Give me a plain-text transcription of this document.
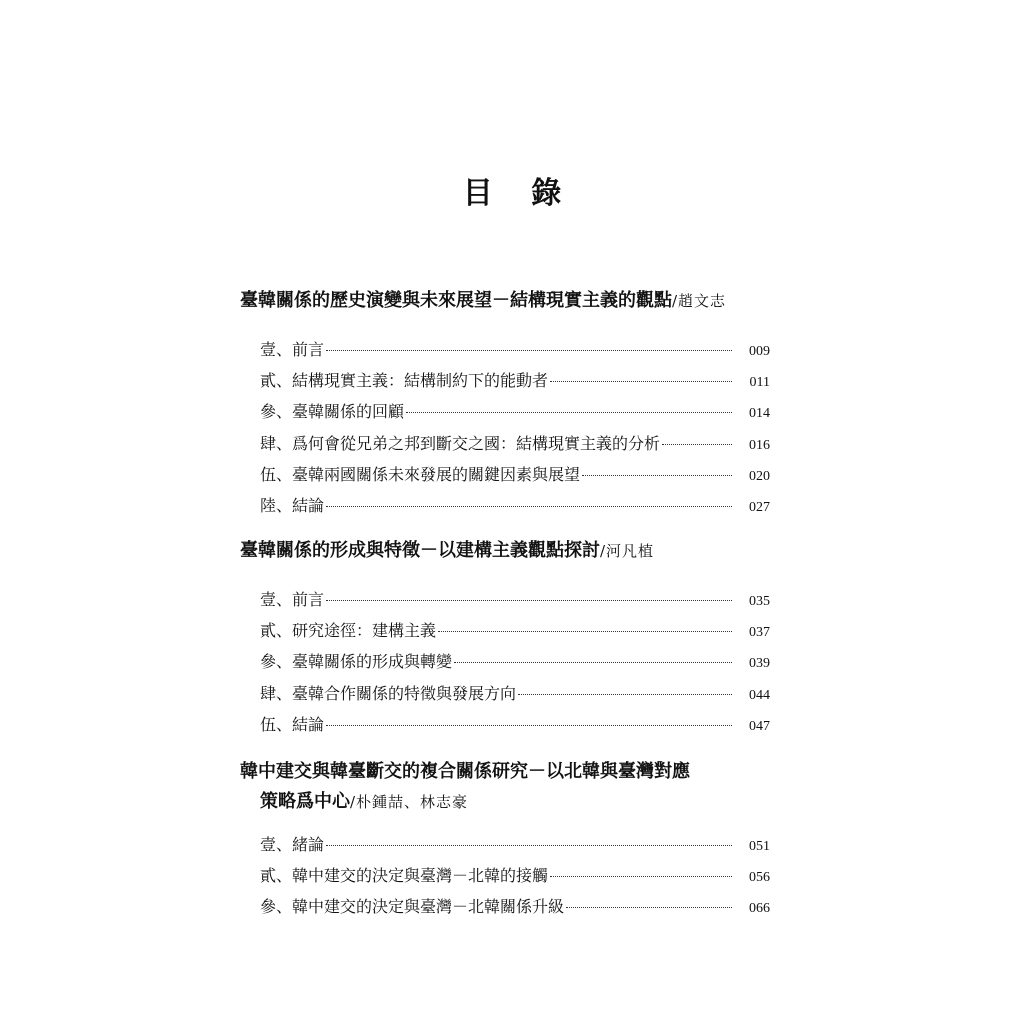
目 錄
臺韓關係的歷史演變與未來展望－結構現實主義的觀點/趙文志
壹、前言	009
貳、結構現實主義：結構制約下的能動者	011
參、臺韓關係的回顧	014
肆、爲何會從兄弟之邦到斷交之國：結構現實主義的分析	016
伍、臺韓兩國關係未來發展的關鍵因素與展望	020
陸、結論	027
臺韓關係的形成與特徵－以建構主義觀點探討/河凡植
壹、前言	035
貳、研究途徑：建構主義	037
參、臺韓關係的形成與轉變	039
肆、臺韓合作關係的特徵與發展方向	044
伍、結論	047
韓中建交與韓臺斷交的複合關係研究－以北韓與臺灣對應
策略爲中心/朴鍾喆、林志豪
壹、緒論	051
貳、韓中建交的決定與臺灣－北韓的接觸	056
參、韓中建交的決定與臺灣－北韓關係升級	066
